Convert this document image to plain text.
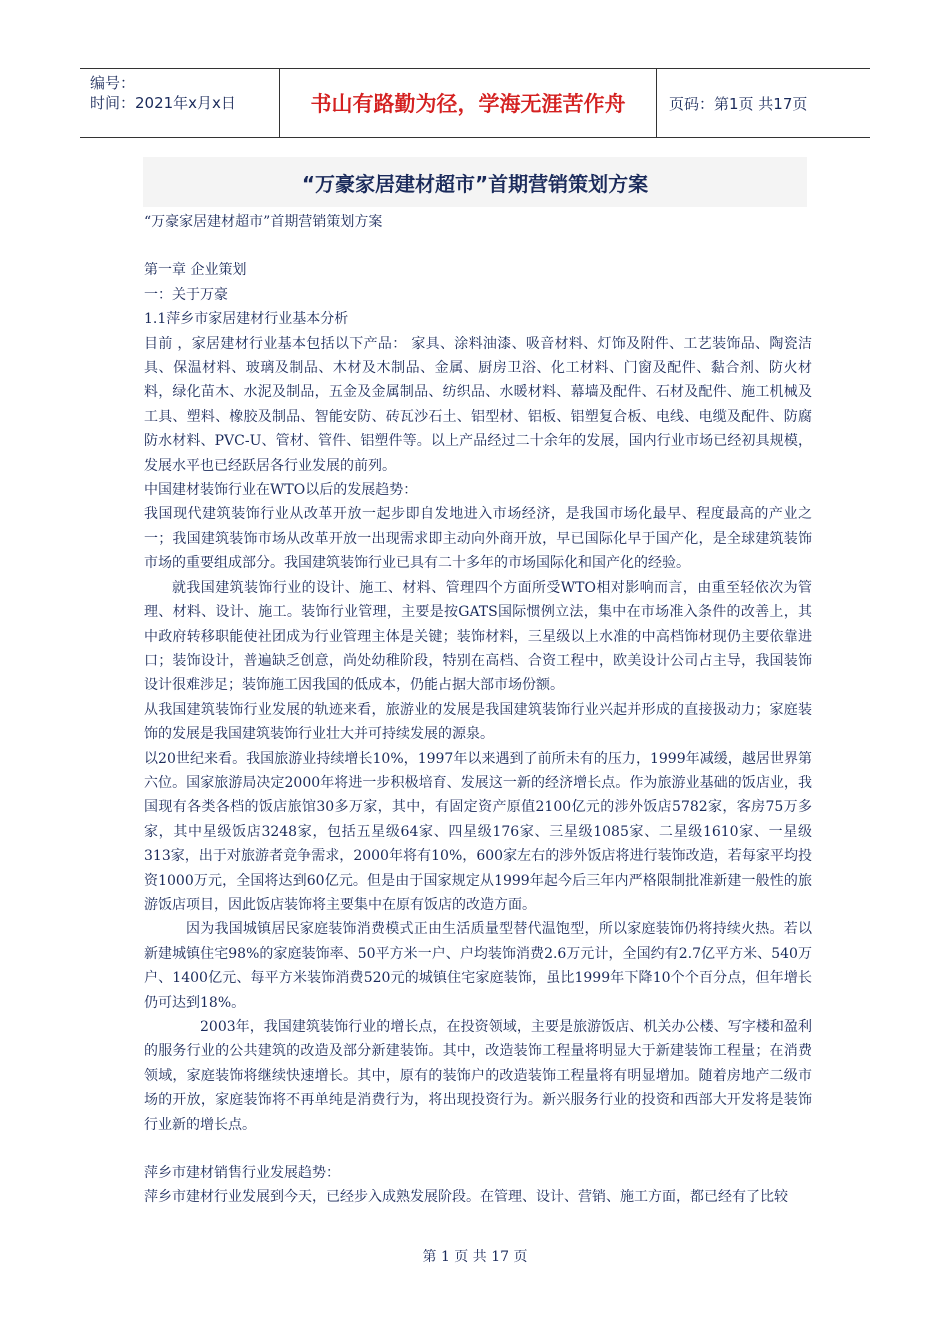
编号：
时间：2021年x月x日	书山有路勤为径，学海无涯苦作舟	页码：第1页 共17页
“万豪家居建材超市”首期营销策划方案

“万豪家居建材超市”首期营销策划方案

第一章 企业策划

一：关于万豪

1.1萍乡市家居建材行业基本分析

目前 ，家居建材行业基本包括以下产品： 家具、涂料油漆、吸音材料、灯饰及附件、工艺装饰品、陶瓷洁具、保温材料、玻璃及制品、木材及木制品、金属、厨房卫浴、化工材料、门窗及配件、黏合剂、防火材料，绿化苗木、水泥及制品，五金及金属制品、纺织品、水暖材料、幕墙及配件、石材及配件、施工机械及工具、塑料、橡胶及制品、智能安防、砖瓦沙石土、铝型材、铝板、铝塑复合板、电线、电缆及配件、防腐防水材料、PVC-U、管材、管件、铝塑件等。以上产品经过二十余年的发展，国内行业市场已经初具规模，发展水平也已经跃居各行业发展的前列。

中国建材装饰行业在WTO以后的发展趋势：

我国现代建筑装饰行业从改革开放一起步即自发地进入市场经济，是我国市场化最早、程度最高的产业之一；我国建筑装饰市场从改革开放一出现需求即主动向外商开放，早已国际化早于国产化，是全球建筑装饰市场的重要组成部分。我国建筑装饰行业已具有二十多年的市场国际化和国产化的经验。

就我国建筑装饰行业的设计、施工、材料、管理四个方面所受WTO相对影响而言，由重至轻依次为管理、材料、设计、施工。装饰行业管理，主要是按GATS国际惯例立法，集中在市场准入条件的改善上，其中政府转移职能使社团成为行业管理主体是关键；装饰材料，三星级以上水准的中高档饰材现仍主要依靠进口；装饰设计，普遍缺乏创意，尚处幼稚阶段，特别在高档、合资工程中，欧美设计公司占主导，我国装饰设计很难涉足；装饰施工因我国的低成本，仍能占据大部市场份额。

从我国建筑装饰行业发展的轨迹来看，旅游业的发展是我国建筑装饰行业兴起并形成的直接扱动力；家庭装饰的发展是我国建筑装饰行业壮大并可持续发展的源泉。

以20世纪来看。我国旅游业持续增长10%，1997年以来遇到了前所未有的压力，1999年减缓，越居世界第六位。国家旅游局决定2000年将进一步积极培育、发展这一新的经济增长点。作为旅游业基础的饭店业，我国现有各类各档的饭店旅馆30多万家，其中，有固定资产原值2100亿元的涉外饭店5782家，客房75万多家，其中星级饭店3248家，包括五星级64家、四星级176家、三星级1085家、二星级1610家、一星级313家，出于对旅游者竞争需求，2000年将有10%，600家左右的涉外饭店将进行装饰改造，若每家平均投资1000万元，全国将达到60亿元。但是由于国家规定从1999年起今后三年内严格限制批准新建一般性的旅游饭店项目，因此饭店装饰将主要集中在原有饭店的改造方面。

因为我国城镇居民家庭装饰消费模式正由生活质量型替代温饱型，所以家庭装饰仍将持续火热。若以新建城镇住宅98%的家庭装饰率、50平方米一户、户均装饰消费2.6万元计，全国约有2.7亿平方米、540万户、1400亿元、每平方米装饰消费520元的城镇住宅家庭装饰，虽比1999年下降10个个百分点，但年增长仍可达到18%。

2003年，我国建筑装饰行业的增长点，在投资领域，主要是旅游饭店、机关办公楼、写字楼和盈利的服务行业的公共建筑的改造及部分新建装饰。其中，改造装饰工程量将明显大于新建装饰工程量；在消费领域，家庭装饰将继续快速增长。其中，原有的装饰户的改造装饰工程量将有明显增加。随着房地产二级市场的开放，家庭装饰将不再单纯是消费行为，将出现投资行为。新兴服务行业的投资和西部大开发将是装饰行业新的增长点。

萍乡市建材销售行业发展趋势：

萍乡市建材行业发展到今天，已经步入成熟发展阶段。在管理、设计、营销、施工方面，都已经有了比较

第 1 页 共 17 页
